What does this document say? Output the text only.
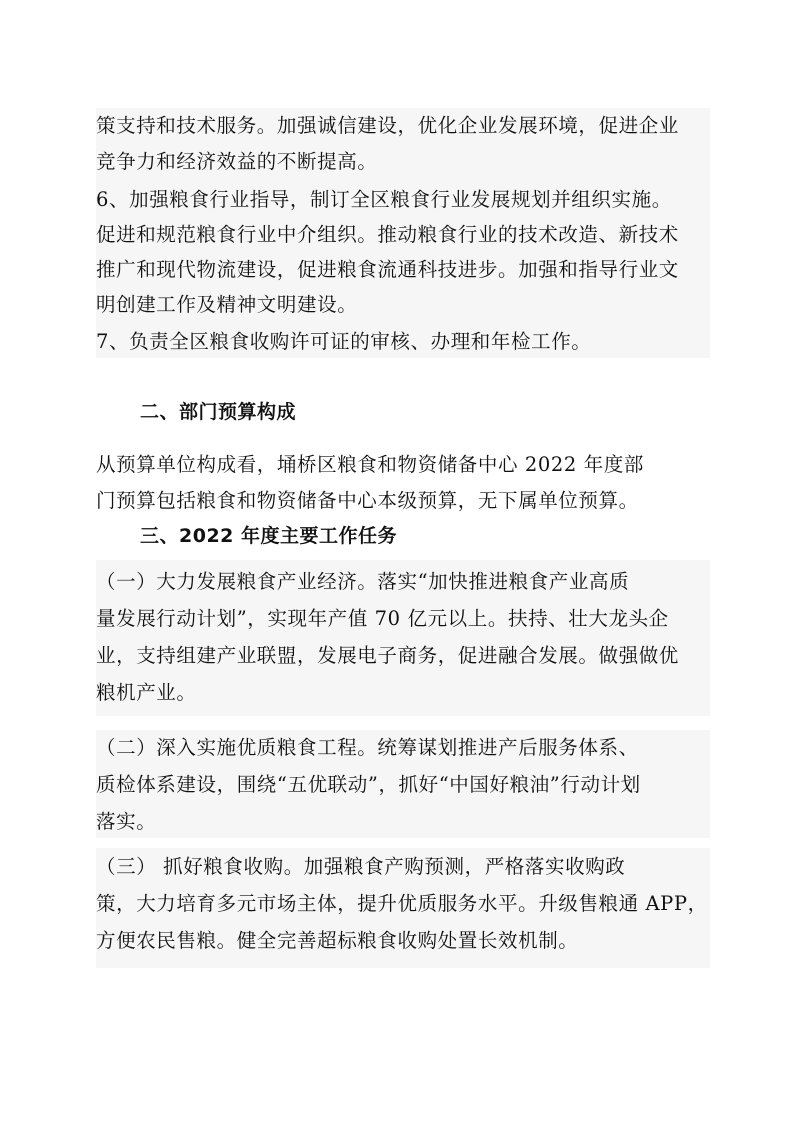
策支持和技术服务。加强诚信建设，优化企业发展环境，促进企业
竞争力和经济效益的不断提高。
6、加强粮食行业指导，制订全区粮食行业发展规划并组织实施。
促进和规范粮食行业中介组织。推动粮食行业的技术改造、新技术
推广和现代物流建设，促进粮食流通科技进步。加强和指导行业文
明创建工作及精神文明建设。
7、负责全区粮食收购许可证的审核、办理和年检工作。
二、部门预算构成
从预算单位构成看，埇桥区粮食和物资储备中心 2022 年度部
门预算包括粮食和物资储备中心本级预算，无下属单位预算。
三、2022 年度主要工作任务
（一）大力发展粮食产业经济。落实“加快推进粮食产业高质
量发展行动计划”，实现年产值 70 亿元以上。扶持、壮大龙头企
业，支持组建产业联盟，发展电子商务，促进融合发展。做强做优
粮机产业。
（二）深入实施优质粮食工程。统筹谋划推进产后服务体系、
质检体系建设，围绕“五优联动”，抓好“中国好粮油”行动计划
落实。
（三） 抓好粮食收购。加强粮食产购预测，严格落实收购政
策，大力培育多元市场主体，提升优质服务水平。升级售粮通 APP，
方便农民售粮。健全完善超标粮食收购处置长效机制。
